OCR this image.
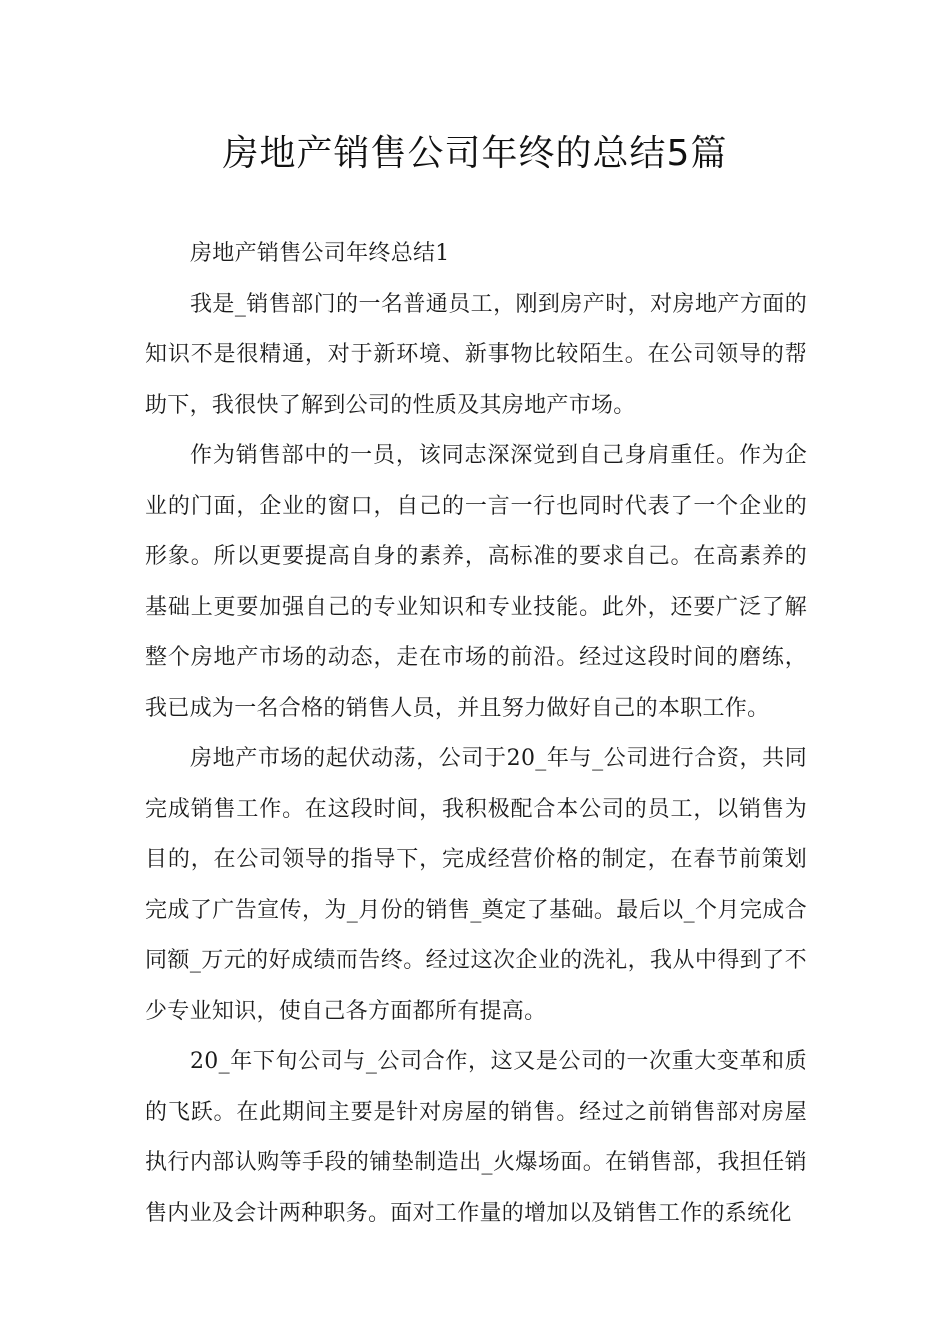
房地产销售公司年终的总结5篇

房地产销售公司年终总结1

我是_销售部门的一名普通员工，刚到房产时，对房地产方面的知识不是很精通，对于新环境、新事物比较陌生。在公司领导的帮助下，我很快了解到公司的性质及其房地产市场。

作为销售部中的一员，该同志深深觉到自己身肩重任。作为企业的门面，企业的窗口，自己的一言一行也同时代表了一个企业的形象。所以更要提高自身的素养，高标准的要求自己。在高素养的基础上更要加强自己的专业知识和专业技能。此外，还要广泛了解整个房地产市场的动态，走在市场的前沿。经过这段时间的磨练，我已成为一名合格的销售人员，并且努力做好自己的本职工作。

房地产市场的起伏动荡，公司于20_年与_公司进行合资，共同完成销售工作。在这段时间，我积极配合本公司的员工，以销售为目的，在公司领导的指导下，完成经营价格的制定，在春节前策划完成了广告宣传，为_月份的销售_奠定了基础。最后以_个月完成合同额_万元的好成绩而告终。经过这次企业的洗礼，我从中得到了不少专业知识，使自己各方面都所有提高。

20_年下旬公司与_公司合作，这又是公司的一次重大变革和质的飞跃。在此期间主要是针对房屋的销售。经过之前销售部对房屋执行内部认购等手段的铺垫制造出_火爆场面。在销售部，我担任销售内业及会计两种职务。面对工作量的增加以及销售工作的系统化
